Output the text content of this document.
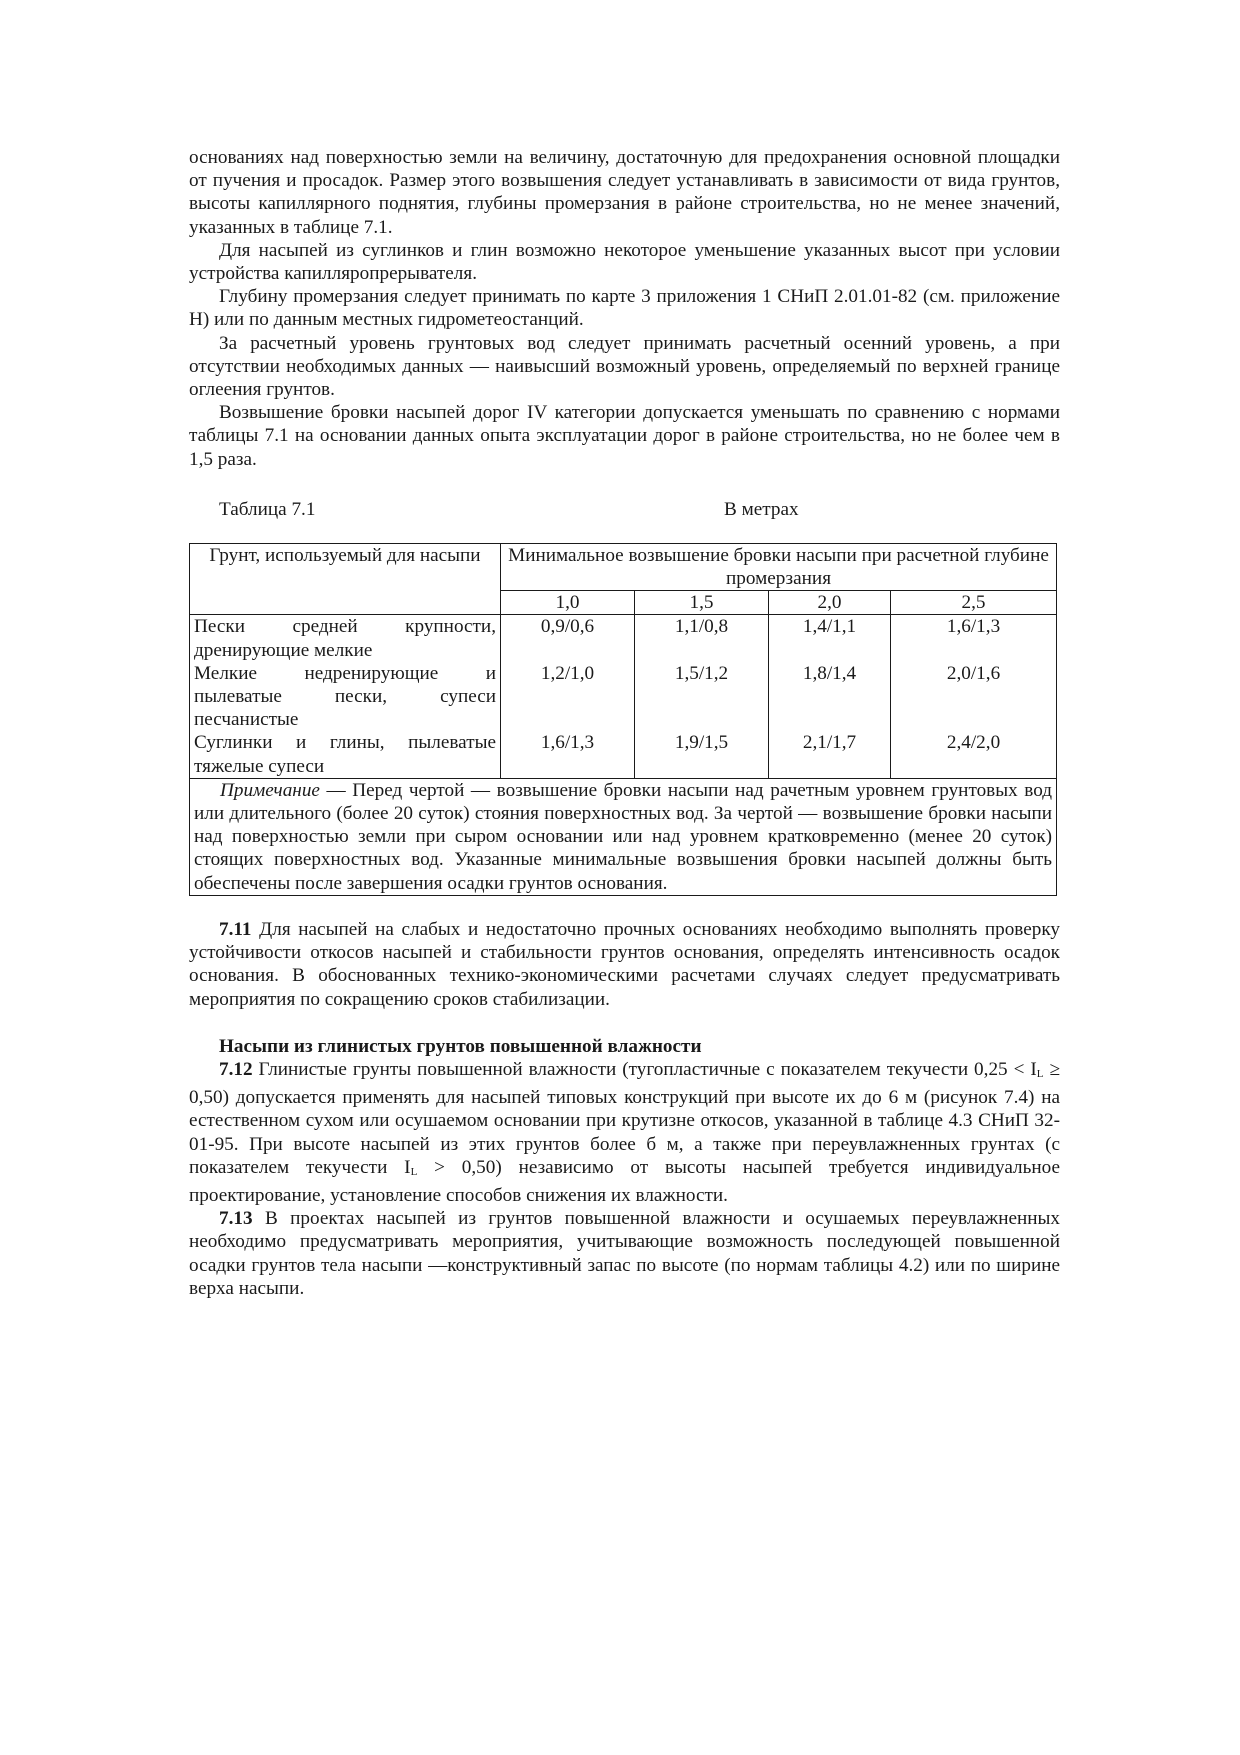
основаниях над поверхностью земли на величину, достаточную для предохранения основной площадки от пучения и просадок. Размер этого возвышения следует устанавливать в зависимости от вида грунтов, высоты капиллярного поднятия, глубины промерзания в районе строительства, но не менее значений, указанных в таблице 7.1.

Для насыпей из суглинков и глин возможно некоторое уменьшение указанных высот при условии устройства капилляропрерывателя.

Глубину промерзания следует принимать по карте 3 приложения 1 СНиП 2.01.01-82 (см. приложение Н) или по данным местных гидрометеостанций.

За расчетный уровень грунтовых вод следует принимать расчетный осенний уровень, а при отсутствии необходимых данных — наивысший возможный уровень, определяемый по верхней границе оглеения грунтов.

Возвышение бровки насыпей дорог IV категории допускается уменьшать по сравнению с нормами таблицы 7.1 на основании данных опыта эксплуатации дорог в районе строительства, но не более чем в 1,5 раза.

Таблица 7.1	В метрах
Грунт, используемый для насыпи	Минимальное возвышение бровки насыпи при расчетной глубине промерзания			
	1,0	1,5	2,0	2,5
Пески средней крупности, дренирующие мелкие	0,9/0,6	1,1/0,8	1,4/1,1	1,6/1,3
Мелкие недренирующие и пылеватые пески, супеси песчанистые	1,2/1,0	1,5/1,2	1,8/1,4	2,0/1,6
Суглинки и глины, пылеватые тяжелые супеси	1,6/1,3	1,9/1,5	2,1/1,7	2,4/2,0
Примечание — Перед чертой — возвышение бровки насыпи над рачетным уровнем грунтовых вод или длительного (более 20 суток) стояния поверхностных вод. За чертой — возвышение бровки насыпи над поверхностью земли при сыром основании или над уровнем кратковременно (менее 20 суток) стоящих поверхностных вод. Указанные минимальные возвышения бровки насыпей должны быть обеспечены после завершения осадки грунтов основания.				

7.11 Для насыпей на слабых и недостаточно прочных основаниях необходимо выполнять проверку устойчивости откосов насыпей и стабильности грунтов основания, определять интенсивность осадок основания. В обоснованных технико-экономическими расчетами случаях следует предусматривать мероприятия по сокращению сроков стабилизации.

Насыпи из глинистых грунтов повышенной влажности

7.12 Глинистые грунты повышенной влажности (тугопластичные с показателем текучести $0,25 < I_L \ge 0,50$) допускается применять для насыпей типовых конструкций при высоте их до 6 м (рисунок 7.4) на естественном сухом или осушаемом основании при крутизне откосов, указанной в таблице 4.3 СНиП 32-01-95. При высоте насыпей из этих грунтов более б м, а также при переувлажненных грунтах (с показателем текучести $I_L > 0,50$) независимо от высоты насыпей требуется индивидуальное проектирование, установление способов снижения их влажности.

7.13 В проектах насыпей из грунтов повышенной влажности и осушаемых переувлажненных необходимо предусматривать мероприятия, учитывающие возможность последующей повышенной осадки грунтов тела насыпи —конструктивный запас по высоте (по нормам таблицы 4.2) или по ширине верха насыпи.
